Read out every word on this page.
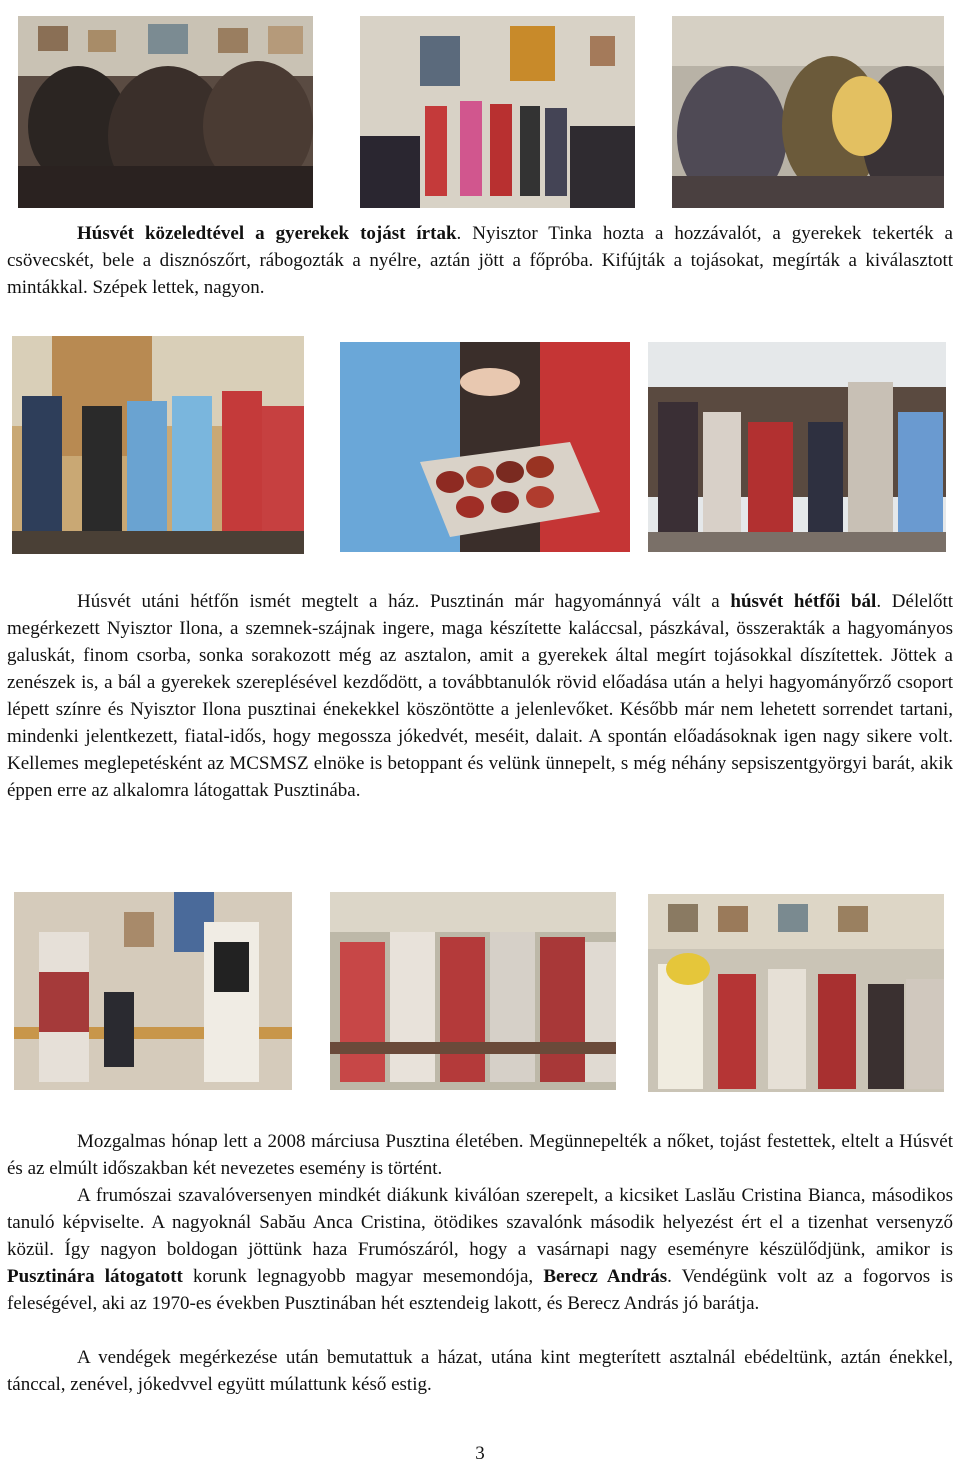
Húsvét közeledtével a gyerekek tojást írtak. Nyisztor Tinka hozta a hozzávalót, a gyerekek tekerték a csövecskét, bele a disznószőrt, rábogozták a nyélre, aztán jött a főpróba. Kifújták a tojásokat, megírták a kiválasztott mintákkal. Szépek lettek, nagyon.

Húsvét utáni hétfőn ismét megtelt a ház. Pusztinán már hagyománnyá vált a húsvét hétfői bál. Délelőtt megérkezett Nyisztor Ilona, a szemnek-szájnak ingere, maga készítette kaláccsal, pászkával, összerakták a hagyományos galuskát, finom csorba, sonka sorakozott még az asztalon, amit a gyerekek által megírt tojásokkal díszítettek. Jöttek a zenészek is, a bál a gyerekek szereplésével kezdődött, a továbbtanulók rövid előadása után a helyi hagyományőrző csoport lépett színre és Nyisztor Ilona pusztinai énekekkel köszöntötte a jelenlevőket. Később már nem lehetett sorrendet tartani, mindenki jelentkezett, fiatal-idős, hogy megossza jókedvét, meséit, dalait. A spontán előadásoknak igen nagy sikere volt. Kellemes meglepetésként az MCSMSZ elnöke is betoppant és velünk ünnepelt, s még néhány sepsiszentgyörgyi barát, akik éppen erre az alkalomra látogattak Pusztinába.

Mozgalmas hónap lett a 2008 márciusa Pusztina életében. Megünnepelték a nőket, tojást festettek, eltelt a Húsvét és az elmúlt időszakban két nevezetes esemény is történt.

A frumószai szavalóversenyen mindkét diákunk kiválóan szerepelt, a kicsiket Laslău Cristina Bianca, másodikos tanuló képviselte. A nagyoknál Sabău Anca Cristina, ötödikes szavalónk második helyezést ért el a tizenhat versenyző közül. Így nagyon boldogan jöttünk haza Frumószáról, hogy a vasárnapi nagy eseményre készülődjünk, amikor is Pusztinára látogatott korunk legnagyobb magyar mesemondója, Berecz András. Vendégünk volt az a fogorvos is feleségével, aki az 1970-es években Pusztinában hét esztendeig lakott, és Berecz András jó barátja.

A vendégek megérkezése után bemutattuk a házat, utána kint megterített asztalnál ebédeltünk, aztán énekkel, tánccal, zenével, jókedvvel együtt múlattunk késő estig.

3
